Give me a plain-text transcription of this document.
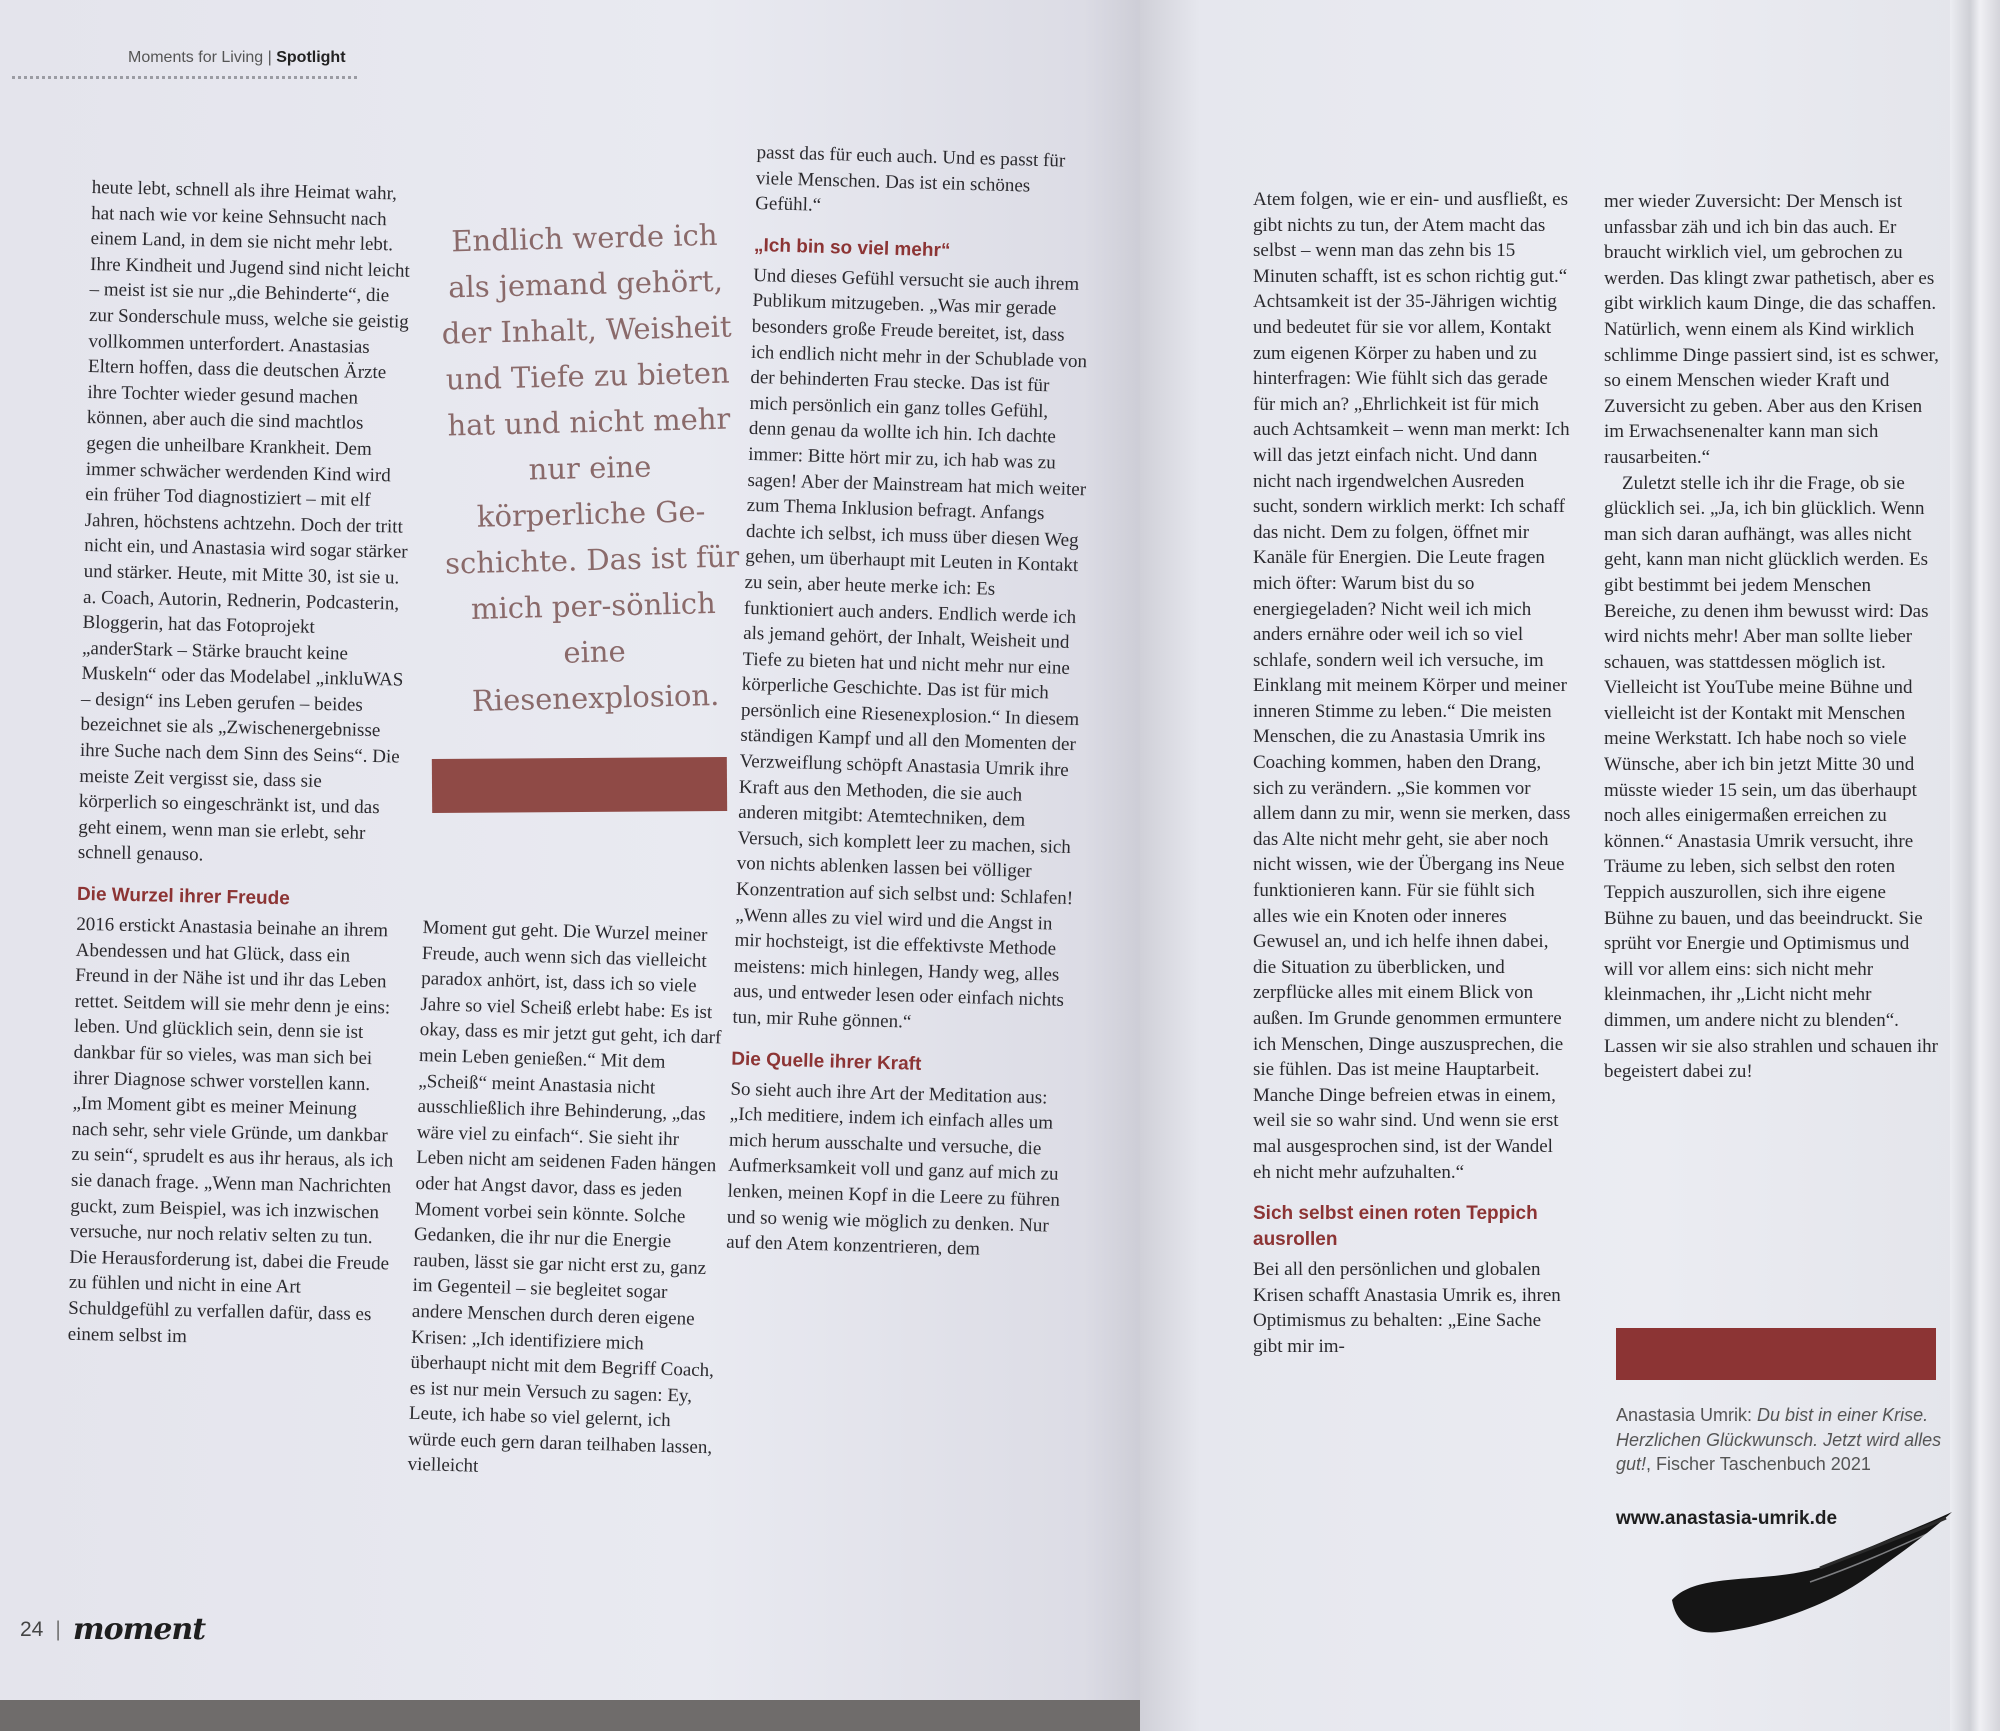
Moments for Living | Spotlight

heute lebt, schnell als ihre Heimat wahr, hat nach wie vor keine Sehnsucht nach einem Land, in dem sie nicht mehr lebt. Ihre Kindheit und Jugend sind nicht leicht – meist ist sie nur „die Behinderte“, die zur Sonderschule muss, welche sie geistig vollkommen unterfordert. Anastasias Eltern hoffen, dass die deutschen Ärzte ihre Tochter wieder gesund machen können, aber auch die sind machtlos gegen die unheilbare Krankheit. Dem immer schwächer werdenden Kind wird ein früher Tod diagnostiziert – mit elf Jahren, höchstens achtzehn. Doch der tritt nicht ein, und Anastasia wird sogar stärker und stärker. Heute, mit Mitte 30, ist sie u. a. Coach, Autorin, Rednerin, Podcasterin, Bloggerin, hat das Fotoprojekt „anderStark – Stärke braucht keine Muskeln“ oder das Modelabel „inkluWAS – design“ ins Leben gerufen – beides bezeichnet sie als „Zwischenergebnisse ihre Suche nach dem Sinn des Seins“. Die meiste Zeit vergisst sie, dass sie körperlich so eingeschränkt ist, und das geht einem, wenn man sie erlebt, sehr schnell genauso.

Die Wurzel ihrer Freude

2016 erstickt Anastasia beinahe an ihrem Abendessen und hat Glück, dass ein Freund in der Nähe ist und ihr das Leben rettet. Seitdem will sie mehr denn je eins: leben. Und glücklich sein, denn sie ist dankbar für so vieles, was man sich bei ihrer Diagnose schwer vorstellen kann. „Im Moment gibt es meiner Meinung nach sehr, sehr viele Gründe, um dankbar zu sein“, sprudelt es aus ihr heraus, als ich sie danach frage. „Wenn man Nachrichten guckt, zum Beispiel, was ich inzwischen versuche, nur noch relativ selten zu tun. Die Herausforderung ist, dabei die Freude zu fühlen und nicht in eine Art Schuldgefühl zu verfallen dafür, dass es einem selbst im

Endlich werde ich als jemand gehört, der Inhalt, Weisheit und Tiefe zu bieten hat und nicht mehr nur eine körperliche Ge-schichte. Das ist für mich per-sönlich eine Riesenexplosion.

Moment gut geht. Die Wurzel meiner Freude, auch wenn sich das vielleicht paradox anhört, ist, dass ich so viele Jahre so viel Scheiß erlebt habe: Es ist okay, dass es mir jetzt gut geht, ich darf mein Leben genießen.“ Mit dem „Scheiß“ meint Anastasia nicht ausschließlich ihre Behinderung, „das wäre viel zu einfach“. Sie sieht ihr Leben nicht am seidenen Faden hängen oder hat Angst davor, dass es jeden Moment vorbei sein könnte. Solche Gedanken, die ihr nur die Energie rauben, lässt sie gar nicht erst zu, ganz im Gegenteil – sie begleitet sogar andere Menschen durch deren eigene Krisen: „Ich identifiziere mich überhaupt nicht mit dem Begriff Coach, es ist nur mein Versuch zu sagen: Ey, Leute, ich habe so viel gelernt, ich würde euch gern daran teilhaben lassen, vielleicht

passt das für euch auch. Und es passt für viele Menschen. Das ist ein schönes Gefühl.“

„Ich bin so viel mehr“

Und dieses Gefühl versucht sie auch ihrem Publikum mitzugeben. „Was mir gerade besonders große Freude bereitet, ist, dass ich endlich nicht mehr in der Schublade von der behinderten Frau stecke. Das ist für mich persönlich ein ganz tolles Gefühl, denn genau da wollte ich hin. Ich dachte immer: Bitte hört mir zu, ich hab was zu sagen! Aber der Mainstream hat mich weiter zum Thema Inklusion befragt. Anfangs dachte ich selbst, ich muss über diesen Weg gehen, um überhaupt mit Leuten in Kontakt zu sein, aber heute merke ich: Es funktioniert auch anders. Endlich werde ich als jemand gehört, der Inhalt, Weisheit und Tiefe zu bieten hat und nicht mehr nur eine körperliche Geschichte. Das ist für mich persönlich eine Riesenexplosion.“ In diesem ständigen Kampf und all den Momenten der Verzweiflung schöpft Anastasia Umrik ihre Kraft aus den Methoden, die sie auch anderen mitgibt: Atemtechniken, dem Versuch, sich komplett leer zu machen, sich von nichts ablenken lassen bei völliger Konzentration auf sich selbst und: Schlafen! „Wenn alles zu viel wird und die Angst in mir hochsteigt, ist die effektivste Methode meistens: mich hinlegen, Handy weg, alles aus, und entweder lesen oder einfach nichts tun, mir Ruhe gönnen.“

Die Quelle ihrer Kraft

So sieht auch ihre Art der Meditation aus: „Ich meditiere, indem ich einfach alles um mich herum ausschalte und versuche, die Aufmerksamkeit voll und ganz auf mich zu lenken, meinen Kopf in die Leere zu führen und so wenig wie möglich zu denken. Nur auf den Atem konzentrieren, dem

24 | moment

Atem folgen, wie er ein- und ausfließt, es gibt nichts zu tun, der Atem macht das selbst – wenn man das zehn bis 15 Minuten schafft, ist es schon richtig gut.“ Achtsamkeit ist der 35-Jährigen wichtig und bedeutet für sie vor allem, Kontakt zum eigenen Körper zu haben und zu hinterfragen: Wie fühlt sich das gerade für mich an? „Ehrlichkeit ist für mich auch Achtsamkeit – wenn man merkt: Ich will das jetzt einfach nicht. Und dann nicht nach irgendwelchen Ausreden sucht, sondern wirklich merkt: Ich schaff das nicht. Dem zu folgen, öffnet mir Kanäle für Energien. Die Leute fragen mich öfter: Warum bist du so energiegeladen? Nicht weil ich mich anders ernähre oder weil ich so viel schlafe, sondern weil ich versuche, im Einklang mit meinem Körper und meiner inneren Stimme zu leben.“ Die meisten Menschen, die zu Anastasia Umrik ins Coaching kommen, haben den Drang, sich zu verändern. „Sie kommen vor allem dann zu mir, wenn sie merken, dass das Alte nicht mehr geht, sie aber noch nicht wissen, wie der Übergang ins Neue funktionieren kann. Für sie fühlt sich alles wie ein Knoten oder inneres Gewusel an, und ich helfe ihnen dabei, die Situation zu überblicken, und zerpflücke alles mit einem Blick von außen. Im Grunde genommen ermuntere ich Menschen, Dinge auszusprechen, die sie fühlen. Das ist meine Hauptarbeit. Manche Dinge befreien etwas in einem, weil sie so wahr sind. Und wenn sie erst mal ausgesprochen sind, ist der Wandel eh nicht mehr aufzuhalten.“

Sich selbst einen roten Teppich ausrollen

Bei all den persönlichen und globalen Krisen schafft Anastasia Umrik es, ihren Optimismus zu behalten: „Eine Sache gibt mir im-

mer wieder Zuversicht: Der Mensch ist unfassbar zäh und ich bin das auch. Er braucht wirklich viel, um gebrochen zu werden. Das klingt zwar pathetisch, aber es gibt wirklich kaum Dinge, die das schaffen. Natürlich, wenn einem als Kind wirklich schlimme Dinge passiert sind, ist es schwer, so einem Menschen wieder Kraft und Zuversicht zu geben. Aber aus den Krisen im Erwachsenenalter kann man sich rausarbeiten.“

Zuletzt stelle ich ihr die Frage, ob sie glücklich sei. „Ja, ich bin glücklich. Wenn man sich daran aufhängt, was alles nicht geht, kann man nicht glücklich werden. Es gibt bestimmt bei jedem Menschen Bereiche, zu denen ihm bewusst wird: Das wird nichts mehr! Aber man sollte lieber schauen, was stattdessen möglich ist. Vielleicht ist YouTube meine Bühne und vielleicht ist der Kontakt mit Menschen meine Werkstatt. Ich habe noch so viele Wünsche, aber ich bin jetzt Mitte 30 und müsste wieder 15 sein, um das überhaupt noch alles einigermaßen erreichen zu können.“ Anastasia Umrik versucht, ihre Träume zu leben, sich selbst den roten Teppich auszurollen, sich ihre eigene Bühne zu bauen, und das beeindruckt. Sie sprüht vor Energie und Optimismus und will vor allem eins: sich nicht mehr kleinmachen, ihr „Licht nicht mehr dimmen, um andere nicht zu blenden“. Lassen wir sie also strahlen und schauen ihr begeistert dabei zu!

Anastasia Umrik: Du bist in einer Krise. Herzlichen Glückwunsch. Jetzt wird alles gut!, Fischer Taschenbuch 2021
www.anastasia-umrik.de
